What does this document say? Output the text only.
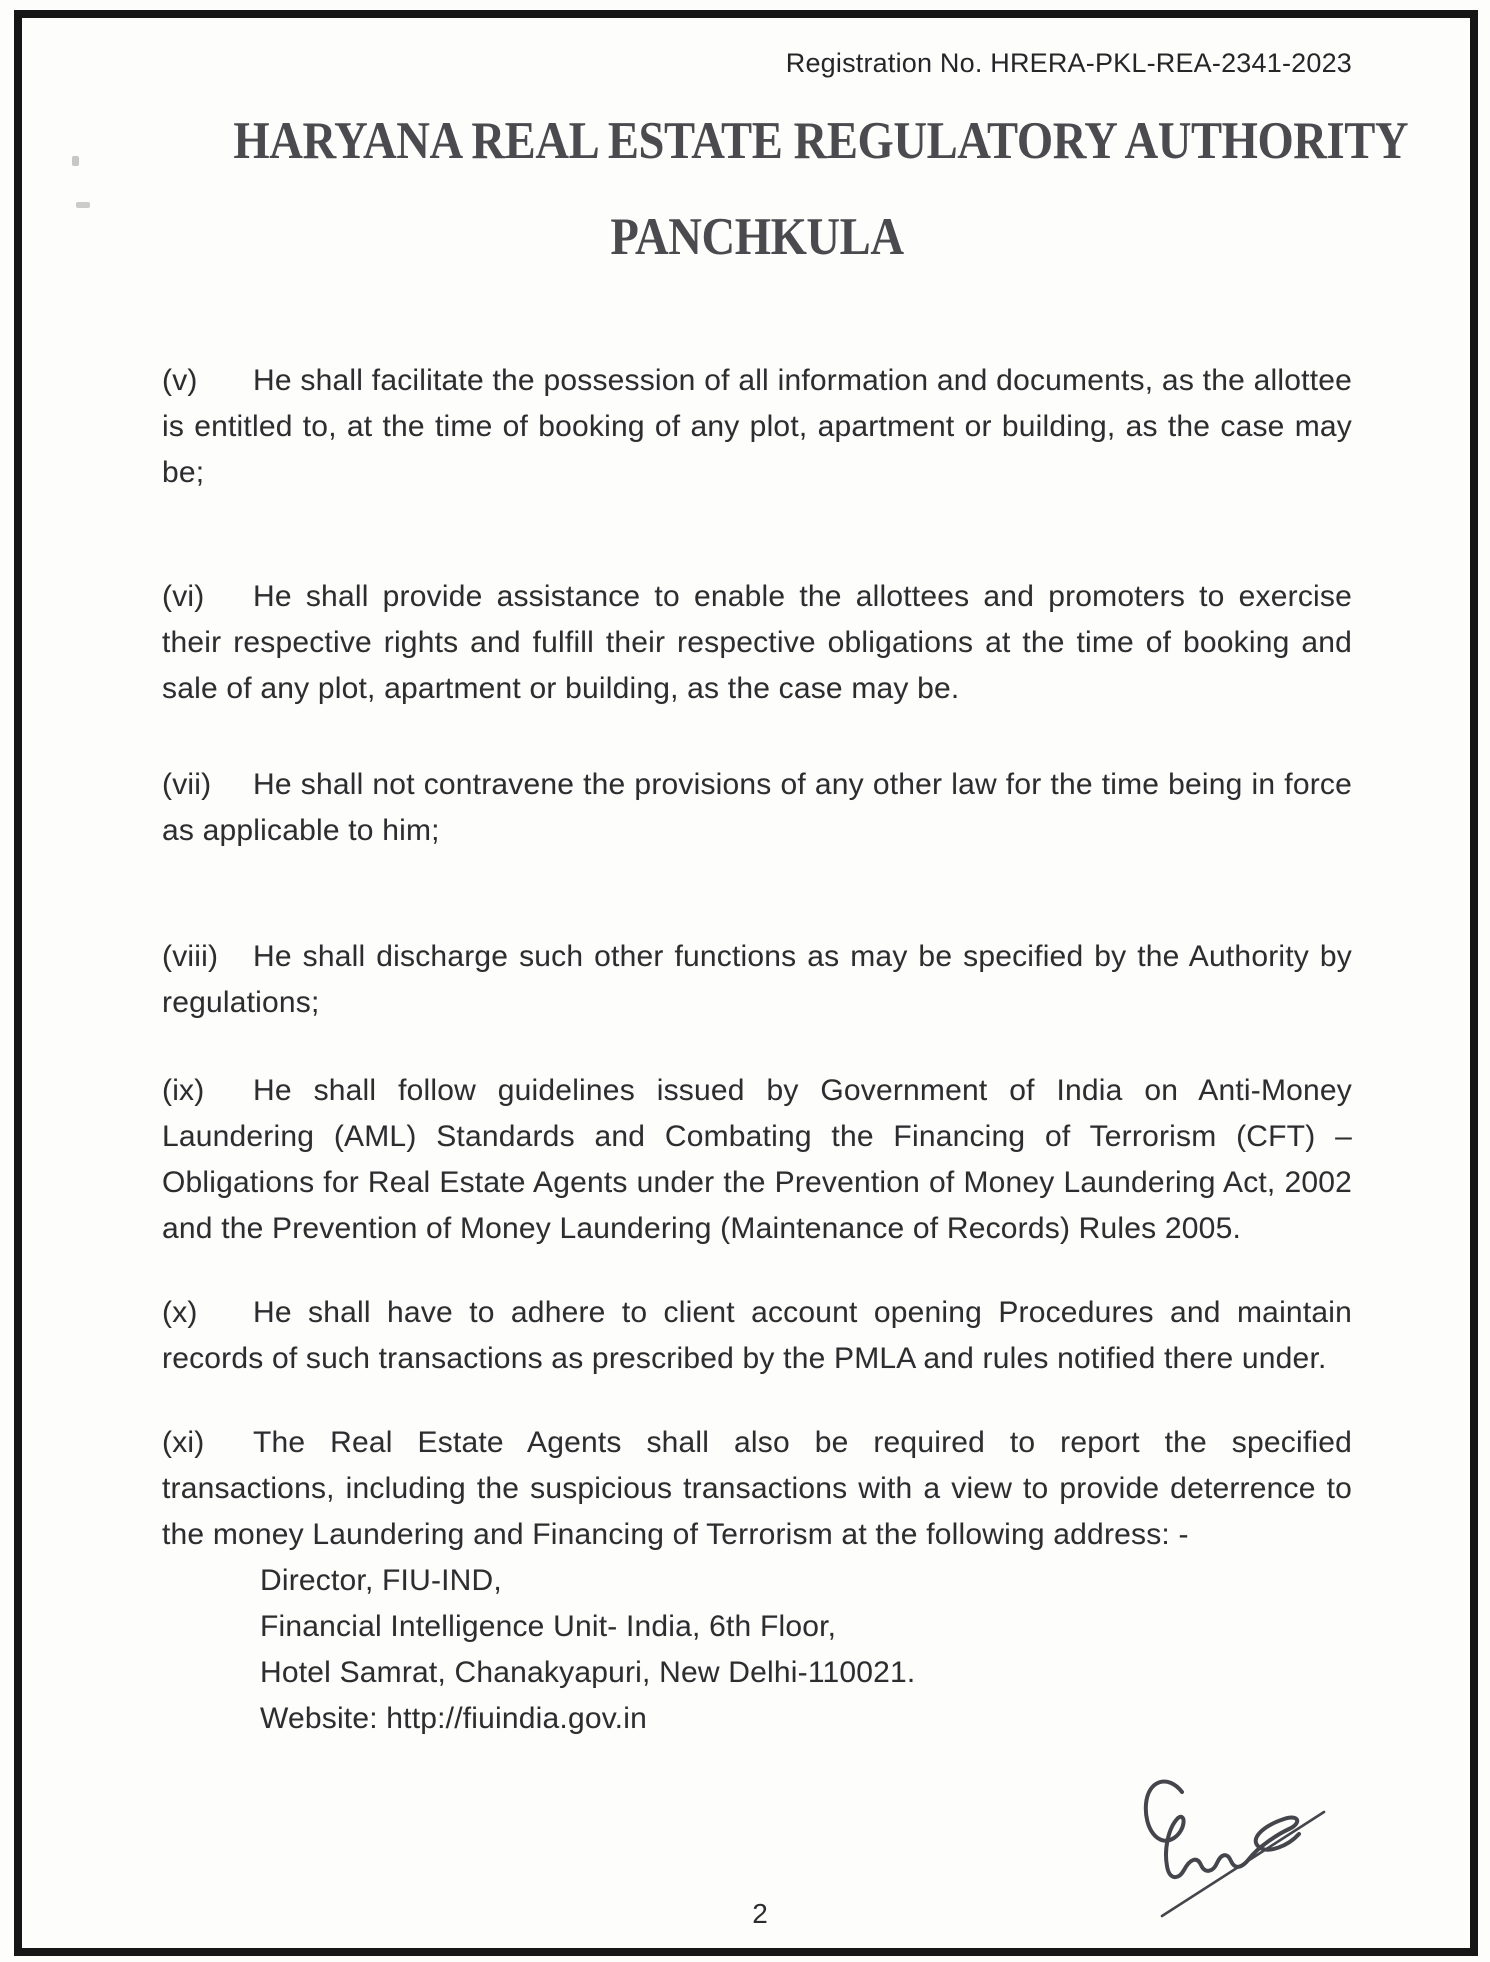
Registration No. HRERA-PKL-REA-2341-2023
HARYANA REAL ESTATE REGULATORY AUTHORITY
PANCHKULA

(v) He shall facilitate the possession of all information and documents, as the allottee is entitled to, at the time of booking of any plot, apartment or building, as the case may be;

(vi) He shall provide assistance to enable the allottees and promoters to exercise their respective rights and fulfill their respective obligations at the time of booking and sale of any plot, apartment or building, as the case may be.

(vii) He shall not contravene the provisions of any other law for the time being in force as applicable to him;

(viii) He shall discharge such other functions as may be specified by the Authority by regulations;

(ix) He shall follow guidelines issued by Government of India on Anti-Money Laundering (AML) Standards and Combating the Financing of Terrorism (CFT) – Obligations for Real Estate Agents under the Prevention of Money Laundering Act, 2002 and the Prevention of Money Laundering (Maintenance of Records) Rules 2005.

(x) He shall have to adhere to client account opening Procedures and maintain records of such transactions as prescribed by the PMLA and rules notified there under.

(xi) The Real Estate Agents shall also be required to report the specified transactions, including the suspicious transactions with a view to provide deterrence to the money Laundering and Financing of Terrorism at the following address: -

Director, FIU-IND,
Financial Intelligence Unit- India, 6th Floor,
Hotel Samrat, Chanakyapuri, New Delhi-110021.
Website: http://fiuindia.gov.in
2
